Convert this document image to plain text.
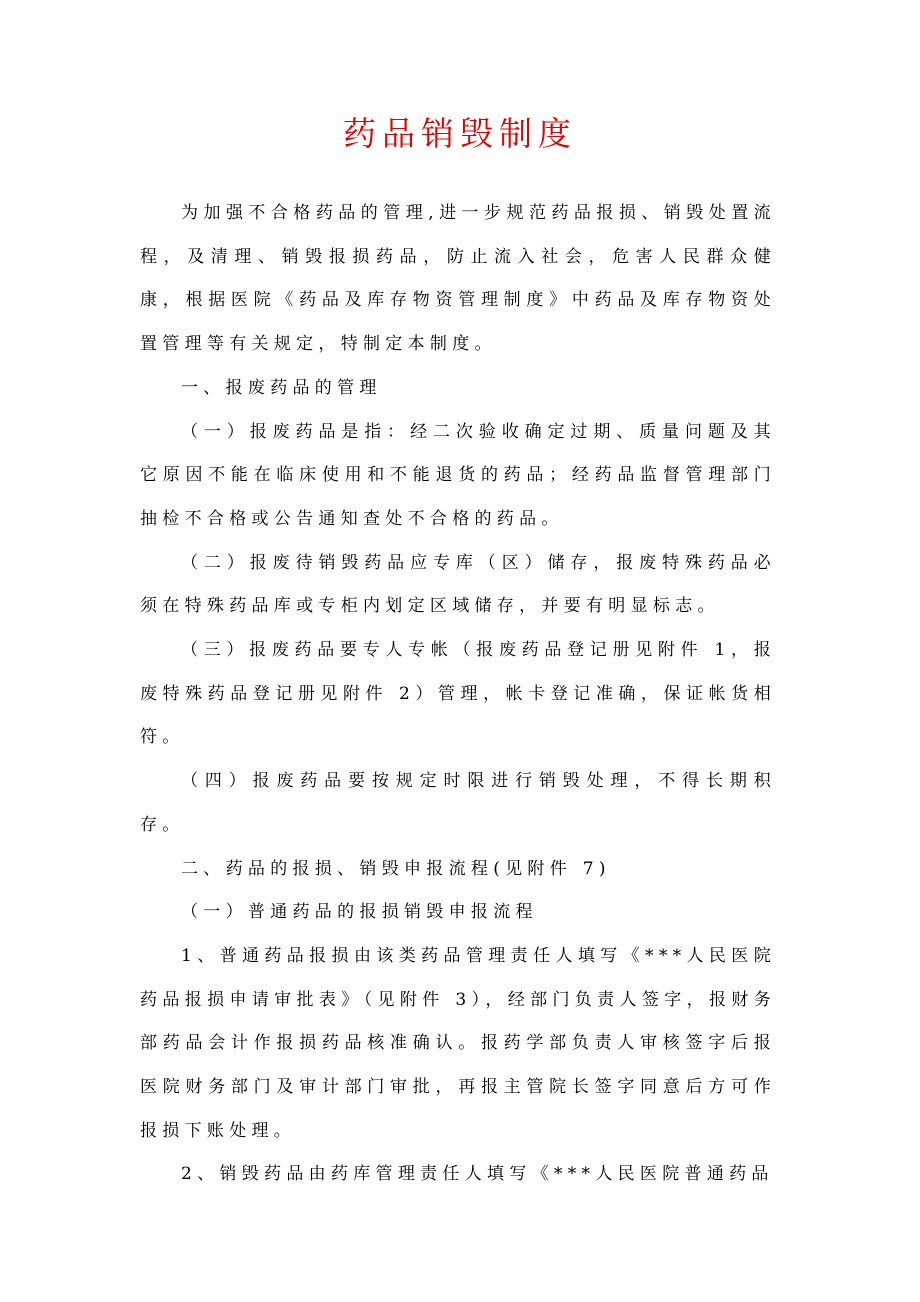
药品销毁制度

为加强不合格药品的管理,进一步规范药品报损、销毁处置流程，及清理、销毁报损药品，防止流入社会，危害人民群众健康，根据医院《药品及库存物资管理制度》中药品及库存物资处置管理等有关规定，特制定本制度。

一、报废药品的管理

（一）报废药品是指：经二次验收确定过期、质量问题及其它原因不能在临床使用和不能退货的药品；经药品监督管理部门抽检不合格或公告通知查处不合格的药品。

（二）报废待销毁药品应专库（区）储存，报废特殊药品必须在特殊药品库或专柜内划定区域储存，并要有明显标志。

（三）报废药品要专人专帐（报废药品登记册见附件 1，报废特殊药品登记册见附件 2）管理，帐卡登记准确，保证帐货相符。

（四）报废药品要按规定时限进行销毁处理，不得长期积存。

二、药品的报损、销毁申报流程(见附件 7)

（一）普通药品的报损销毁申报流程

1、普通药品报损由该类药品管理责任人填写《***人民医院药品报损申请审批表》（见附件 3），经部门负责人签字，报财务部药品会计作报损药品核准确认。报药学部负责人审核签字后报医院财务部门及审计部门审批，再报主管院长签字同意后方可作报损下账处理。

2、销毁药品由药库管理责任人填写《***人民医院普通药品
